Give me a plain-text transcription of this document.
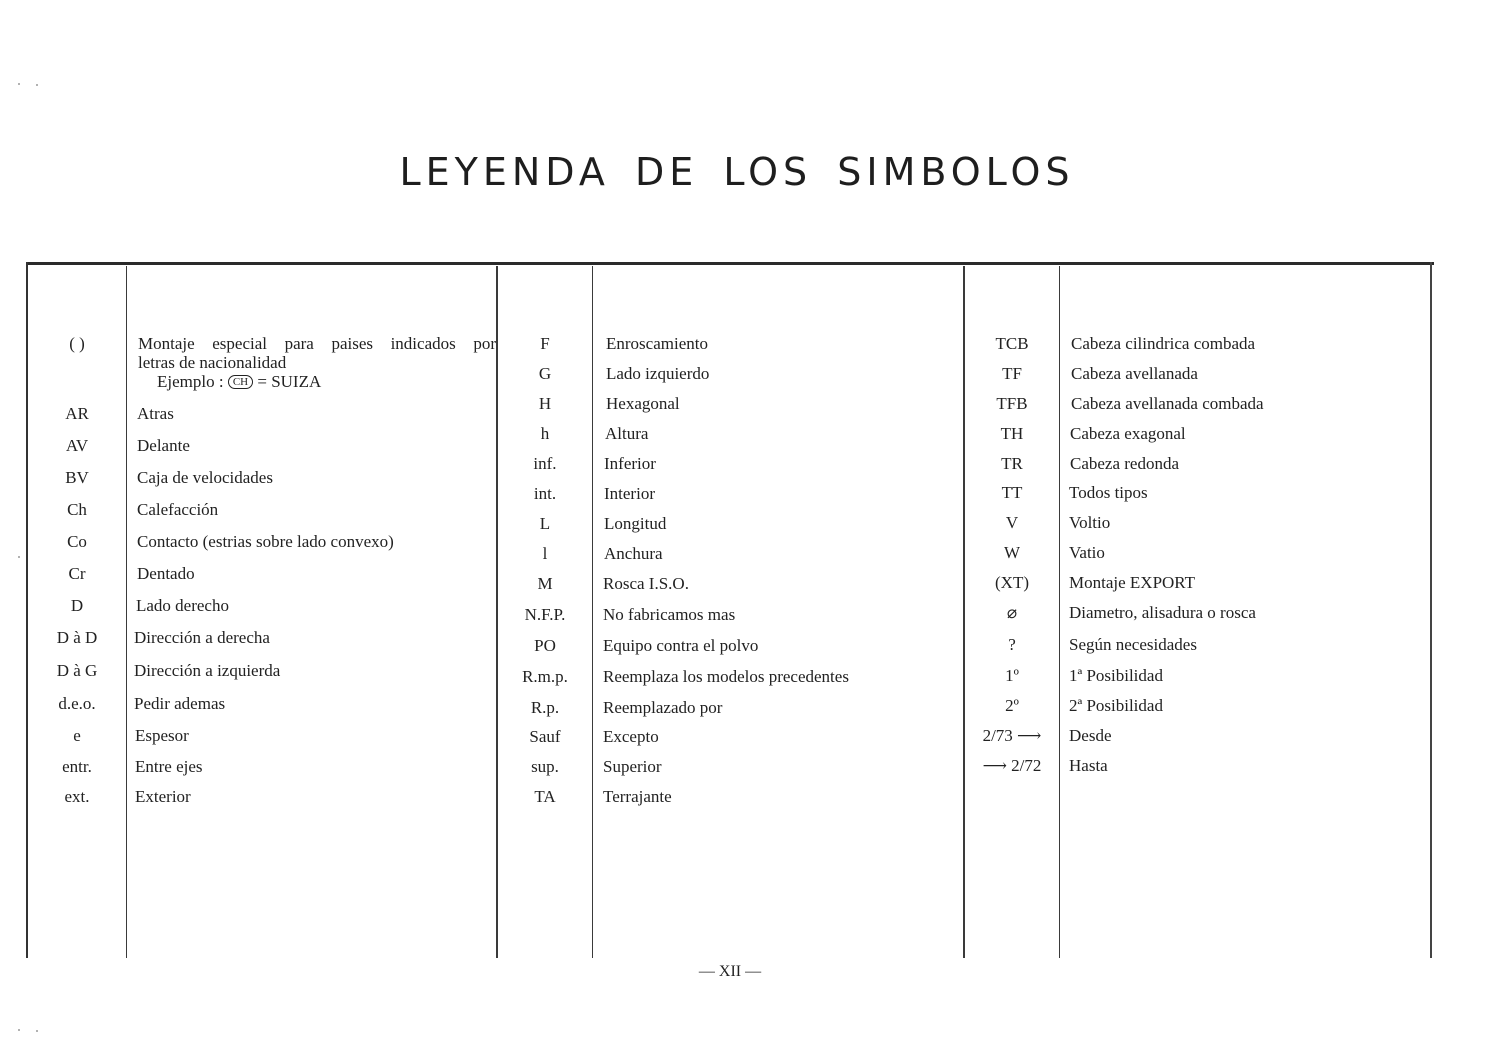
LEYENDA DE LOS SIMBOLOS
( )	Montaje especial para paises indicados por
letras de nacionalidad
Ejemplo : CH = SUIZA
AR	Atras
AV	Delante
BV	Caja de velocidades
Ch	Calefacción
Co	Contacto (estrias sobre lado convexo)
Cr	Dentado
D	Lado derecho
D à D	Dirección a derecha
D à G	Dirección a izquierda
d.e.o.	Pedir ademas
e	Espesor
entr.	Entre ejes
ext.	Exterior
F	Enroscamiento
G	Lado izquierdo
H	Hexagonal
h	Altura
inf.	Inferior
int.	Interior
L	Longitud
l	Anchura
M	Rosca I.S.O.
N.F.P.	No fabricamos mas
PO	Equipo contra el polvo
R.m.p.	Reemplaza los modelos precedentes
R.p.	Reemplazado por
Sauf	Excepto
sup.	Superior
TA	Terrajante
TCB	Cabeza cilindrica combada
TF	Cabeza avellanada
TFB	Cabeza avellanada combada
TH	Cabeza exagonal
TR	Cabeza redonda
TT	Todos tipos
V	Voltio
W	Vatio
(XT)	Montaje EXPORT
⌀	Diametro, alisadura o rosca
?	Según necesidades
1º	1ª Posibilidad
2º	2ª Posibilidad
2/73 ⟶	Desde
⟶ 2/72	Hasta
— XII —
